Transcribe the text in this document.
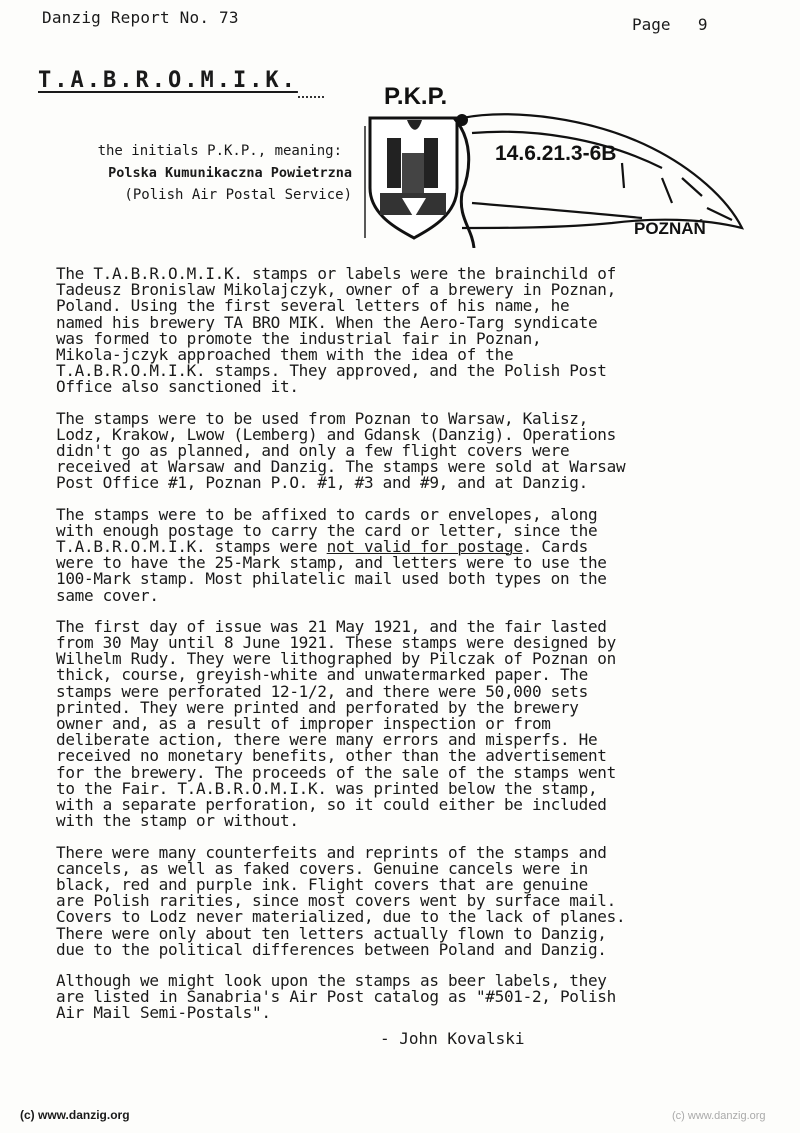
Danzig Report No. 73	Page 9
T.A.B.R.O.M.I.K.
the initials P.K.P., meaning:
Polska Kumunikaczna Powietrzna
(Polish Air Postal Service)
P.K.P.
14.6.21.3-6B
POZNAŃ
The T.A.B.R.O.M.I.K. stamps or labels were the brainchild of
Tadeusz Bronislaw Mikolajczyk, owner of a brewery in Poznan,
Poland. Using the first several letters of his name, he
named his brewery TA BRO MIK. When the Aero-Targ syndicate
was formed to promote the industrial fair in Poznan,
Mikola-jczyk approached them with the idea of the
T.A.B.R.O.M.I.K. stamps. They approved, and the Polish Post
Office also sanctioned it.
The stamps were to be used from Poznan to Warsaw, Kalisz,
Lodz, Krakow, Lwow (Lemberg) and Gdansk (Danzig). Operations
didn't go as planned, and only a few flight covers were
received at Warsaw and Danzig. The stamps were sold at Warsaw
Post Office #1, Poznan P.O. #1, #3 and #9, and at Danzig.
The stamps were to be affixed to cards or envelopes, along
with enough postage to carry the card or letter, since the
T.A.B.R.O.M.I.K. stamps were not valid for postage. Cards
were to have the 25-Mark stamp, and letters were to use the
100-Mark stamp. Most philatelic mail used both types on the
same cover.
The first day of issue was 21 May 1921, and the fair lasted
from 30 May until 8 June 1921. These stamps were designed by
Wilhelm Rudy. They were lithographed by Pilczak of Poznan on
thick, course, greyish-white and unwatermarked paper. The
stamps were perforated 12-1/2, and there were 50,000 sets
printed. They were printed and perforated by the brewery
owner and, as a result of improper inspection or from
deliberate action, there were many errors and misperfs. He
received no monetary benefits, other than the advertisement
for the brewery. The proceeds of the sale of the stamps went
to the Fair. T.A.B.R.O.M.I.K. was printed below the stamp,
with a separate perforation, so it could either be included
with the stamp or without.
There were many counterfeits and reprints of the stamps and
cancels, as well as faked covers. Genuine cancels were in
black, red and purple ink. Flight covers that are genuine
are Polish rarities, since most covers went by surface mail.
Covers to Lodz never materialized, due to the lack of planes.
There were only about ten letters actually flown to Danzig,
due to the political differences between Poland and Danzig.
Although we might look upon the stamps as beer labels, they
are listed in Sanabria's Air Post catalog as "#501-2, Polish
Air Mail Semi-Postals".
- John Kovalski
(c) www.danzig.org	(c) www.danzig.org
